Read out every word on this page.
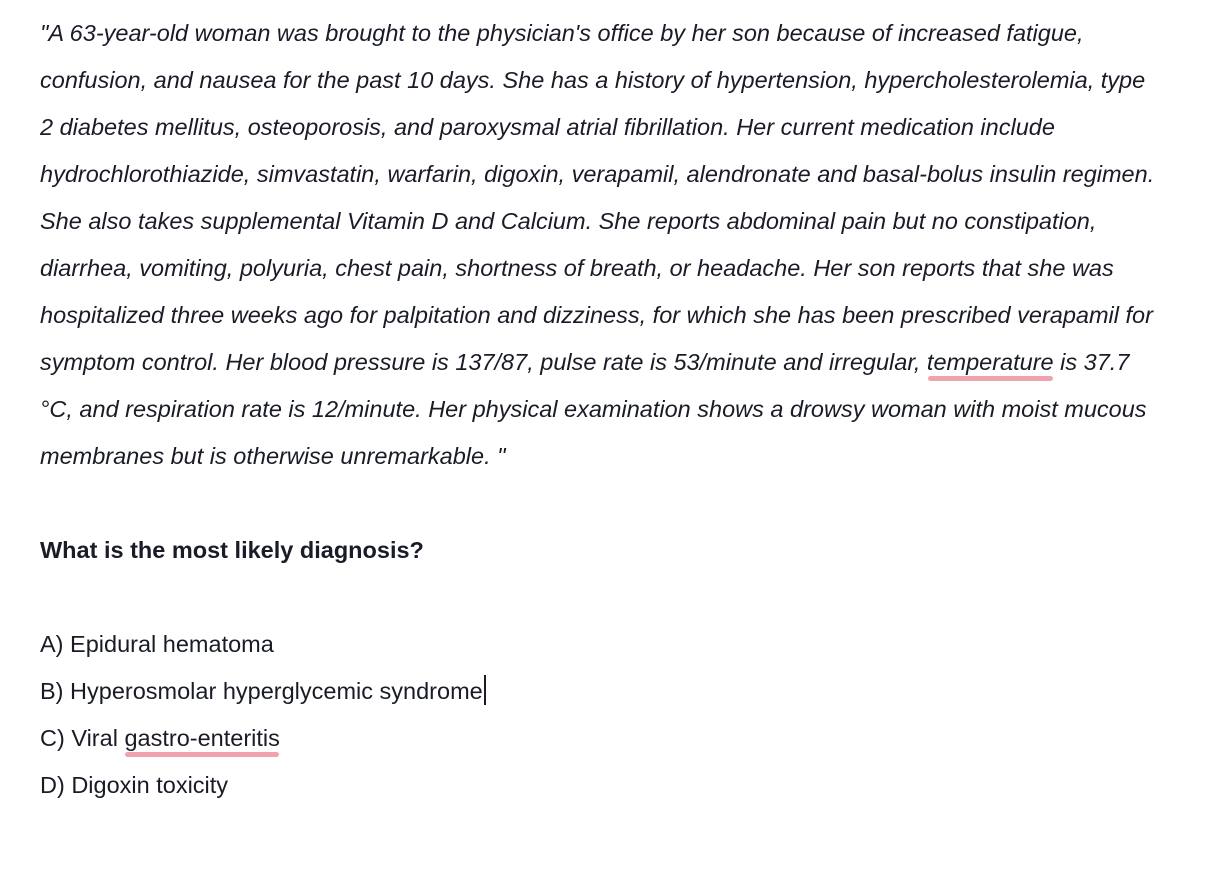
"A 63-year-old woman was brought to the physician's office by her son because of increased fatigue, confusion, and nausea for the past 10 days. She has a history of hypertension, hypercholesterolemia, type 2 diabetes mellitus, osteoporosis, and paroxysmal atrial fibrillation. Her current medication include hydrochlorothiazide, simvastatin, warfarin, digoxin, verapamil, alendronate and basal-bolus insulin regimen. She also takes supplemental Vitamin D and Calcium. She reports abdominal pain but no constipation, diarrhea, vomiting, polyuria, chest pain, shortness of breath, or headache. Her son reports that she was hospitalized three weeks ago for palpitation and dizziness, for which she has been prescribed verapamil for symptom control. Her blood pressure is 137/87, pulse rate is 53/minute and irregular, temperature is 37.7 °C, and respiration rate is 12/minute. Her physical examination shows a drowsy woman with moist mucous membranes but is otherwise unremarkable. "

What is the most likely diagnosis?

A) Epidural hematoma
B) Hyperosmolar hyperglycemic syndrome
C) Viral gastro-enteritis
D) Digoxin toxicity
